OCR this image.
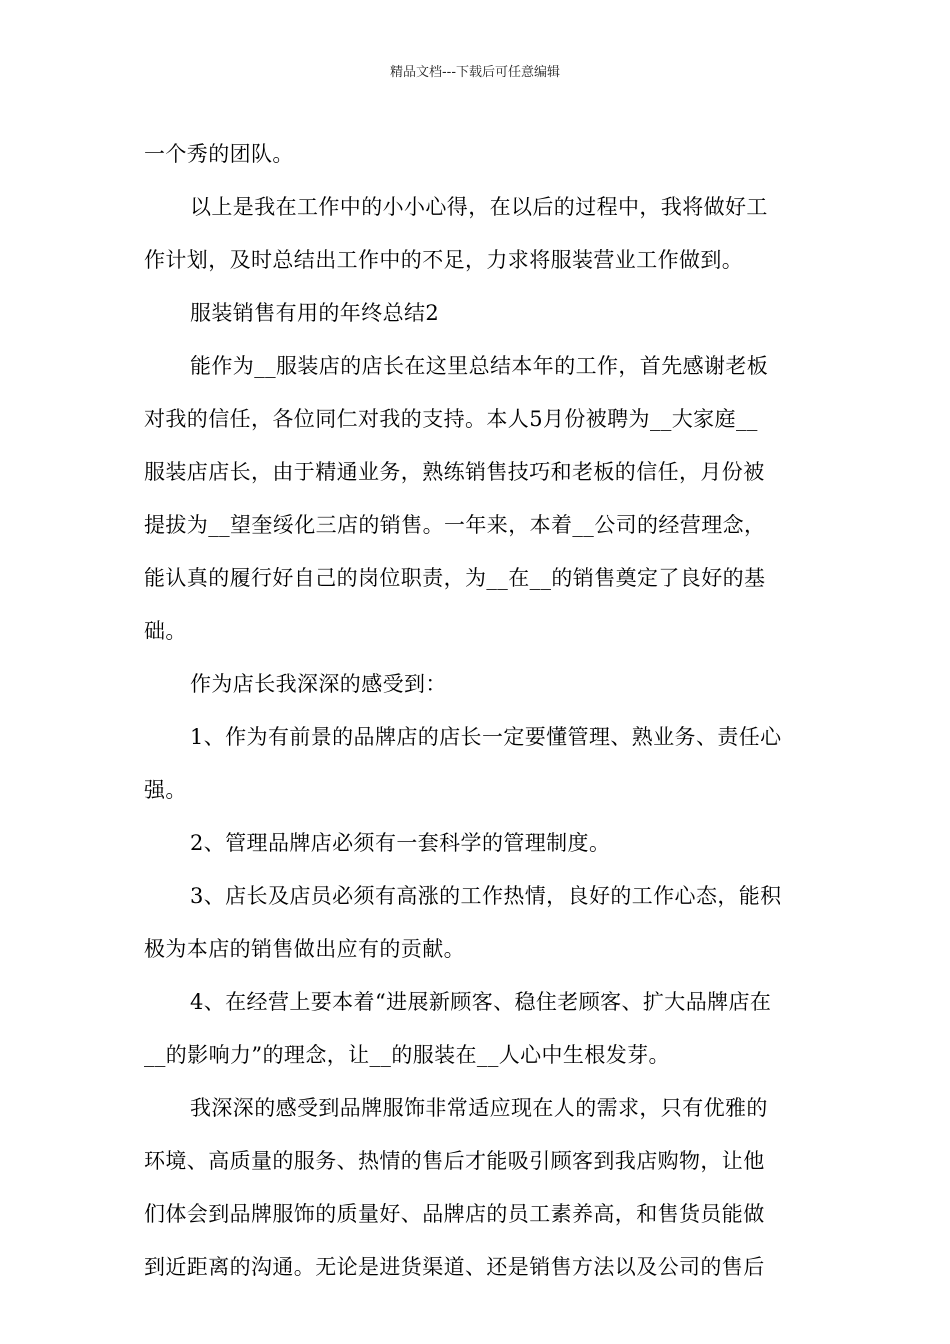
精品文档---下载后可任意编辑
一个秀的团队。
以上是我在工作中的小小心得，在以后的过程中，我将做好工
作计划，及时总结出工作中的不足，力求将服装营业工作做到。
服装销售有用的年终总结2
能作为__服装店的店长在这里总结本年的工作，首先感谢老板
对我的信任，各位同仁对我的支持。本人5月份被聘为__大家庭__
服装店店长，由于精通业务，熟练销售技巧和老板的信任，月份被
提拔为__望奎绥化三店的销售。一年来，本着__公司的经营理念，
能认真的履行好自己的岗位职责，为__在__的销售奠定了良好的基
础。
作为店长我深深的感受到：
1、作为有前景的品牌店的店长一定要懂管理、熟业务、责任心
强。
2、管理品牌店必须有一套科学的管理制度。
3、店长及店员必须有高涨的工作热情，良好的工作心态，能积
极为本店的销售做出应有的贡献。
4、在经营上要本着“进展新顾客、稳住老顾客、扩大品牌店在
__的影响力”的理念，让__的服装在__人心中生根发芽。
我深深的感受到品牌服饰非常适应现在人的需求，只有优雅的
环境、高质量的服务、热情的售后才能吸引顾客到我店购物，让他
们体会到品牌服饰的质量好、品牌店的员工素养高，和售货员能做
到近距离的沟通。无论是进货渠道、还是销售方法以及公司的售后
